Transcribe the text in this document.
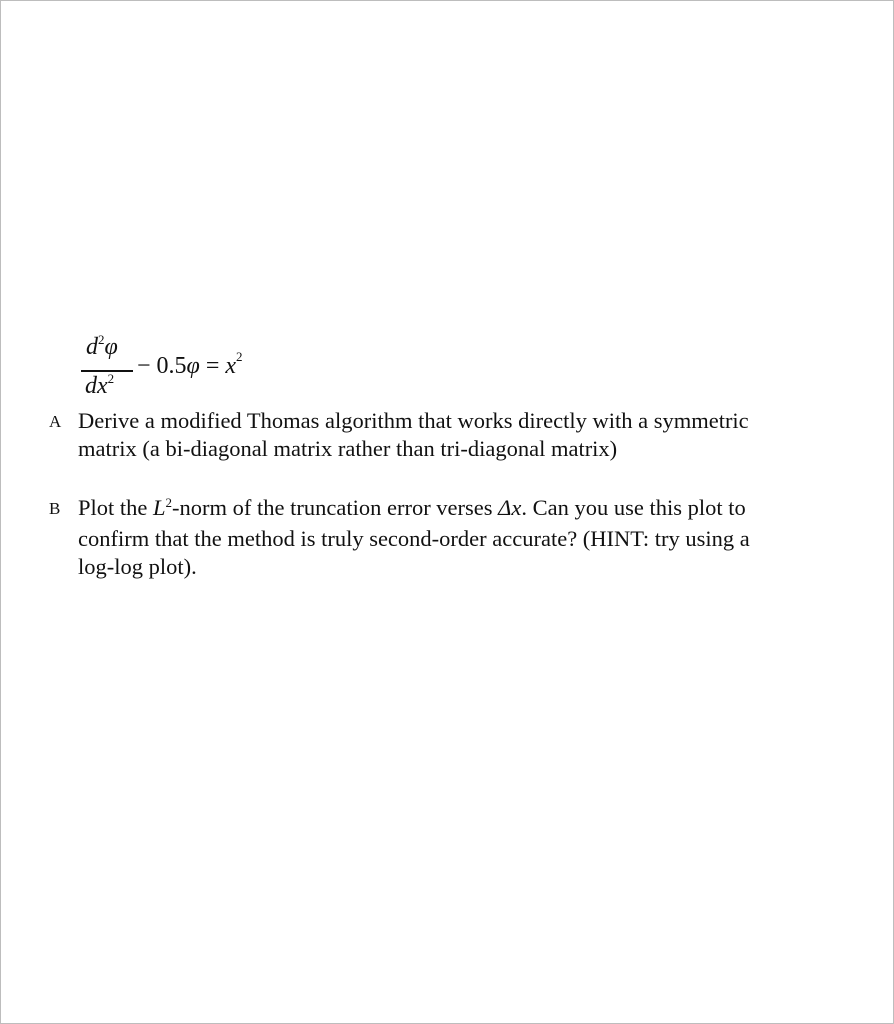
$d^2\varphi$
$dx^2 - 0.5\varphi = x^2$
A Derive a modified Thomas algorithm that works directly with a symmetric matrix (a bi-diagonal matrix rather than tri-diagonal matrix)
B Plot the $L^2$-norm of the truncation error verses Δx. Can you use this plot to confirm that the method is truly second-order accurate? (HINT: try using a log-log plot).
